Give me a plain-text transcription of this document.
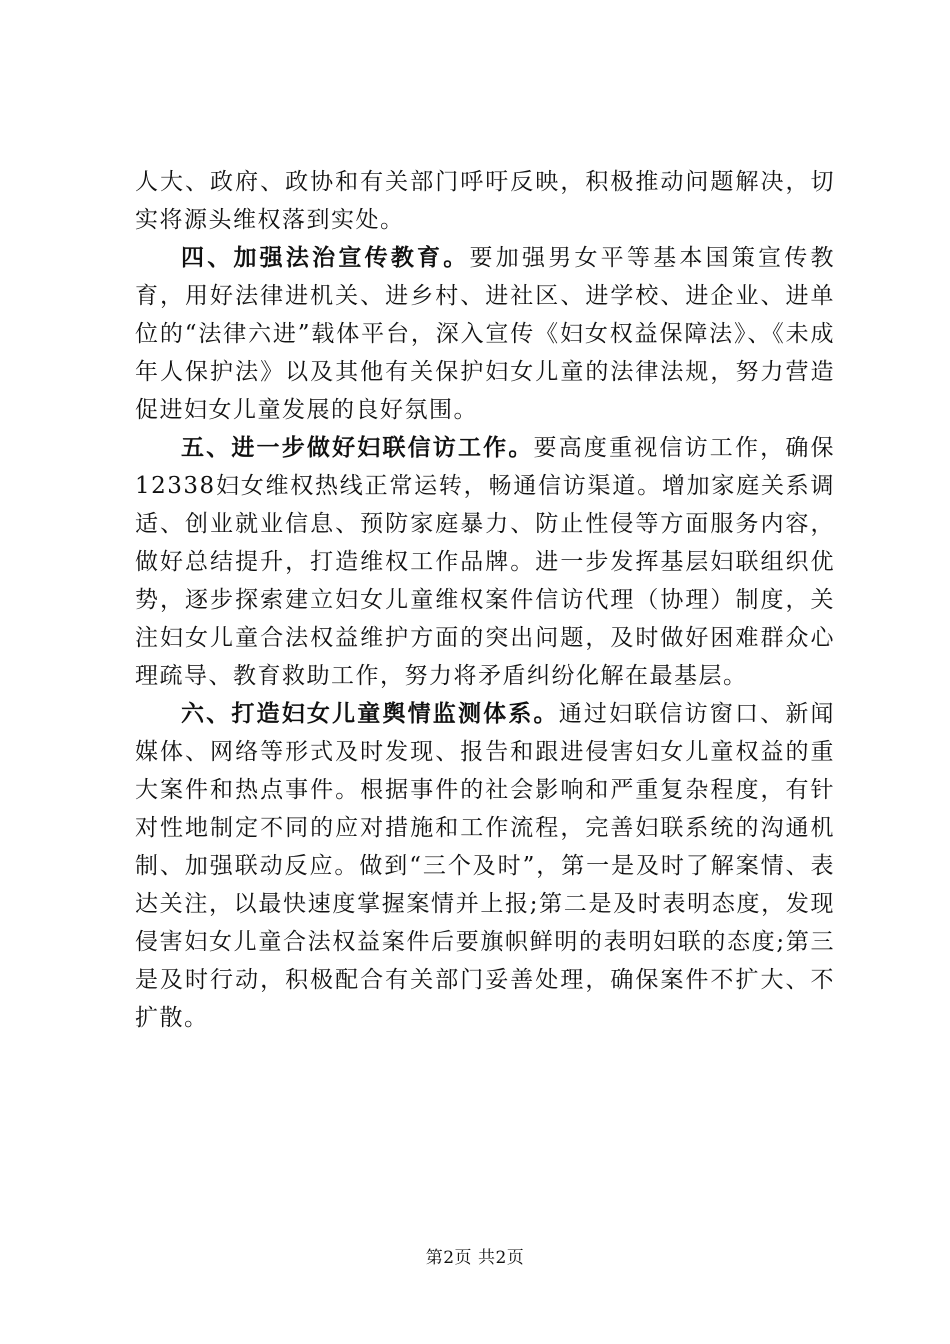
人大、政府、政协和有关部门呼吁反映，积极推动问题解决，切实将源头维权落到实处。

四、加强法治宣传教育。要加强男女平等基本国策宣传教育，用好法律进机关、进乡村、进社区、进学校、进企业、进单位的“法律六进”载体平台，深入宣传《妇女权益保障法》、《未成年人保护法》以及其他有关保护妇女儿童的法律法规，努力营造促进妇女儿童发展的良好氛围。

五、进一步做好妇联信访工作。要高度重视信访工作，确保12338妇女维权热线正常运转，畅通信访渠道。增加家庭关系调适、创业就业信息、预防家庭暴力、防止性侵等方面服务内容，做好总结提升，打造维权工作品牌。进一步发挥基层妇联组织优势，逐步探索建立妇女儿童维权案件信访代理（协理）制度，关注妇女儿童合法权益维护方面的突出问题，及时做好困难群众心理疏导、教育救助工作，努力将矛盾纠纷化解在最基层。

六、打造妇女儿童舆情监测体系。通过妇联信访窗口、新闻媒体、网络等形式及时发现、报告和跟进侵害妇女儿童权益的重大案件和热点事件。根据事件的社会影响和严重复杂程度，有针对性地制定不同的应对措施和工作流程，完善妇联系统的沟通机制、加强联动反应。做到“三个及时”，第一是及时了解案情、表达关注，以最快速度掌握案情并上报;第二是及时表明态度，发现侵害妇女儿童合法权益案件后要旗帜鲜明的表明妇联的态度;第三是及时行动，积极配合有关部门妥善处理，确保案件不扩大、不扩散。

第2页 共2页
